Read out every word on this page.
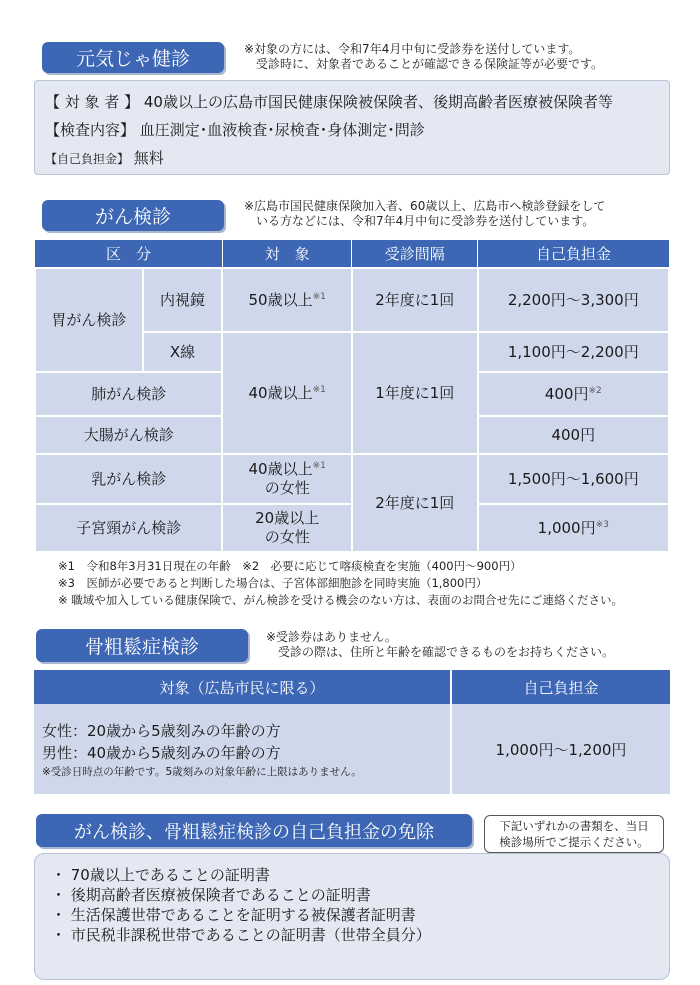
元気じゃ健診	※対象の方には、令和7年4月中旬に受診券を送付しています。
　受診時に、対象者であることが確認できる保険証等が必要です。
【 対 象 者 】 40歳以上の広島市国民健康保険被保険者、後期高齢者医療被保険者等
【検査内容】 血圧測定･血液検査･尿検査･身体測定･問診
【自己負担金】 無料
がん検診	※広島市国民健康保険加入者、60歳以上、広島市へ検診登録をして
　いる方などには、令和7年4月中旬に受診券を送付しています。
区　分		対　象	受診間隔	自己負担金
胃がん検診	内視鏡	50歳以上$^{※1}$	2年度に1回	2,200円～3,300円
	X線	40歳以上$^{※1}$	1年度に1回	1,100円～2,200円
肺がん検診				400円$^{※2}$
大腸がん検診				400円
乳がん検診		40歳以上$^{※1}$
の女性	2年度に1回	1,500円～1,600円
子宮頸がん検診		20歳以上
の女性		1,000円$^{※3}$
※1　令和8年3月31日現在の年齢　※2　必要に応じて喀痰検査を実施（400円～900円）
※3　医師が必要であると判断した場合は、子宮体部細胞診を同時実施（1,800円）
※ 職域や加入している健康保険で、がん検診を受ける機会のない方は、表面のお問合せ先にご連絡ください。
骨粗鬆症検診	※受診券はありません。
　受診の際は、住所と年齢を確認できるものをお持ちください。
対象（広島市民に限る）	自己負担金
女性：20歳から5歳刻みの年齢の方
男性：40歳から5歳刻みの年齢の方
※受診日時点の年齢です。5歳刻みの対象年齢に上限はありません。
1,000円～1,200円
がん検診、骨粗鬆症検診の自己負担金の免除	下記いずれかの書類を、当日
検診場所でご提示ください。
・ 70歳以上であることの証明書
・ 後期高齢者医療被保険者であることの証明書
・ 生活保護世帯であることを証明する被保護者証明書
・ 市民税非課税世帯であることの証明書（世帯全員分）
